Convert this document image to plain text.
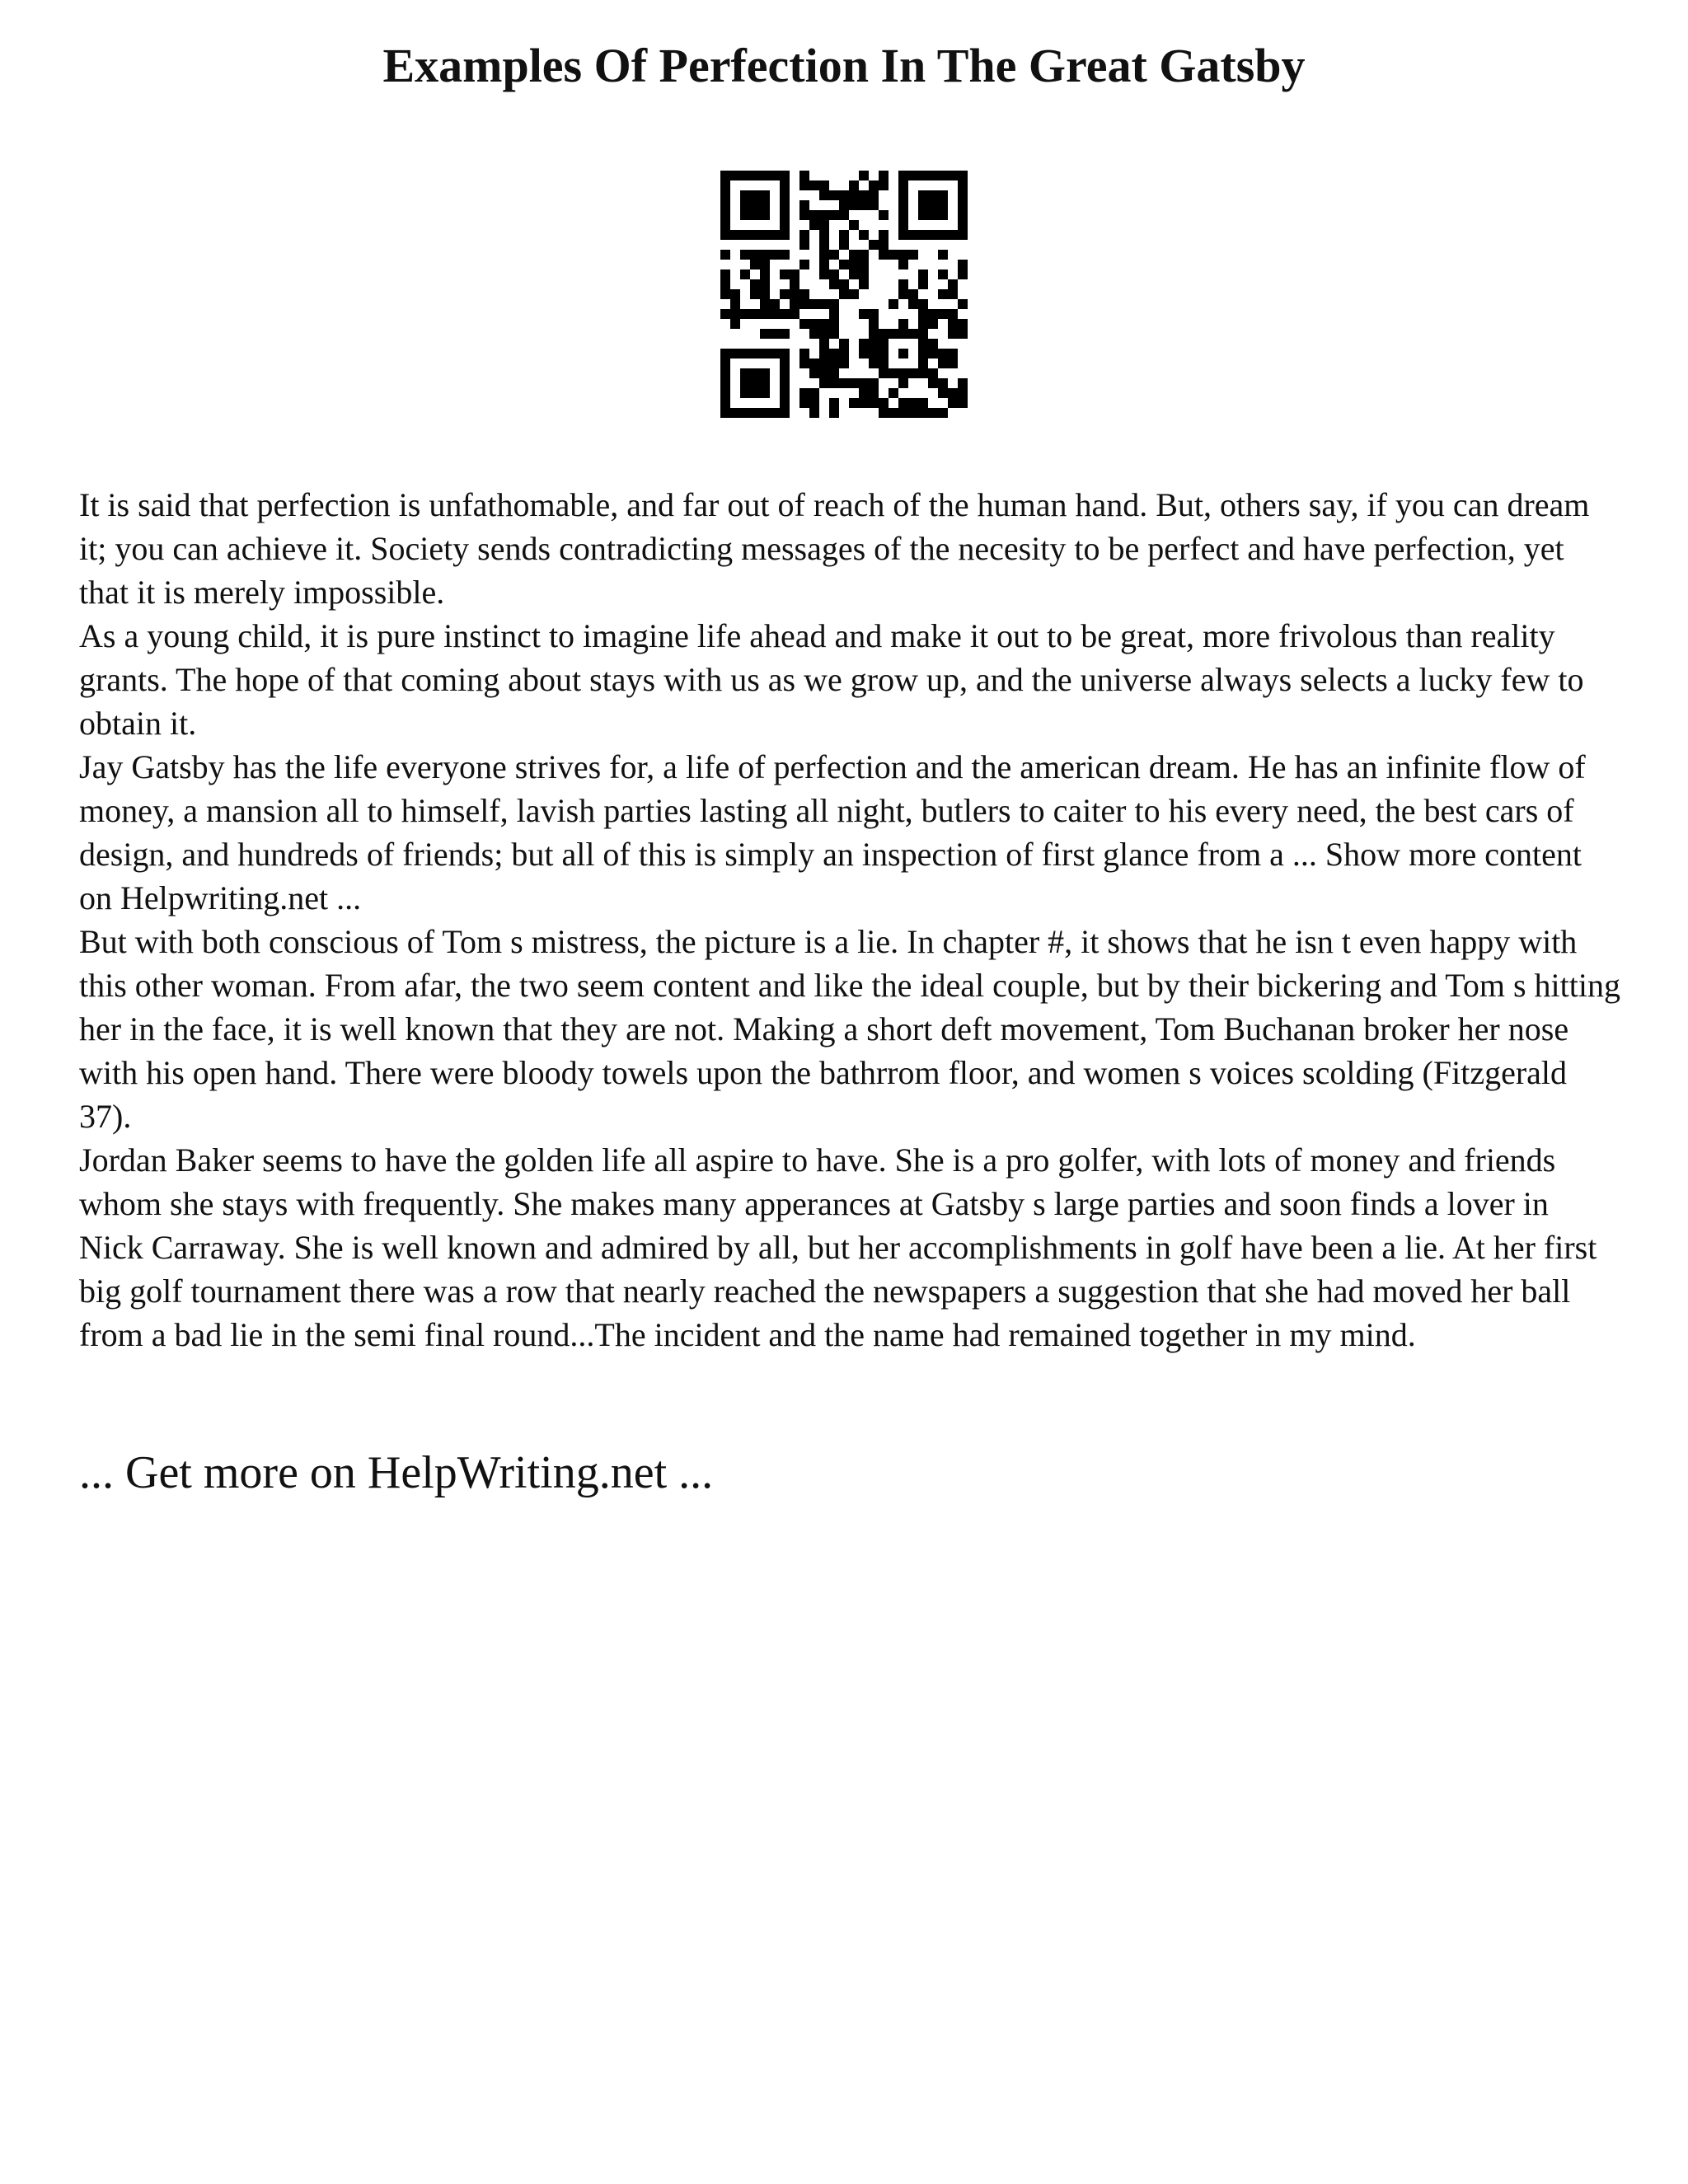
Examples Of Perfection In The Great Gatsby

It is said that perfection is unfathomable, and far out of reach of the human hand. But, others say, if you can dream it; you can achieve it. Society sends contradicting messages of the necesity to be perfect and have perfection, yet that it is merely impossible.

As a young child, it is pure instinct to imagine life ahead and make it out to be great, more frivolous than reality grants. The hope of that coming about stays with us as we grow up, and the universe always selects a lucky few to obtain it.

Jay Gatsby has the life everyone strives for, a life of perfection and the american dream. He has an infinite flow of money, a mansion all to himself, lavish parties lasting all night, butlers to caiter to his every need, the best cars of design, and hundreds of friends; but all of this is simply an inspection of first glance from a ... Show more content on Helpwriting.net ...

But with both conscious of Tom s mistress, the picture is a lie. In chapter #, it shows that he isn t even happy with this other woman. From afar, the two seem content and like the ideal couple, but by their bickering and Tom s hitting her in the face, it is well known that they are not. Making a short deft movement, Tom Buchanan broker her nose with his open hand. There were bloody towels upon the bathrrom floor, and women s voices scolding (Fitzgerald 37).

Jordan Baker seems to have the golden life all aspire to have. She is a pro golfer, with lots of money and friends whom she stays with frequently. She makes many apperances at Gatsby s large parties and soon finds a lover in Nick Carraway. She is well known and admired by all, but her accomplishments in golf have been a lie. At her first big golf tournament there was a row that nearly reached the newspapers a suggestion that she had moved her ball from a bad lie in the semi final round...The incident and the name had remained together in my mind.

... Get more on HelpWriting.net ...
